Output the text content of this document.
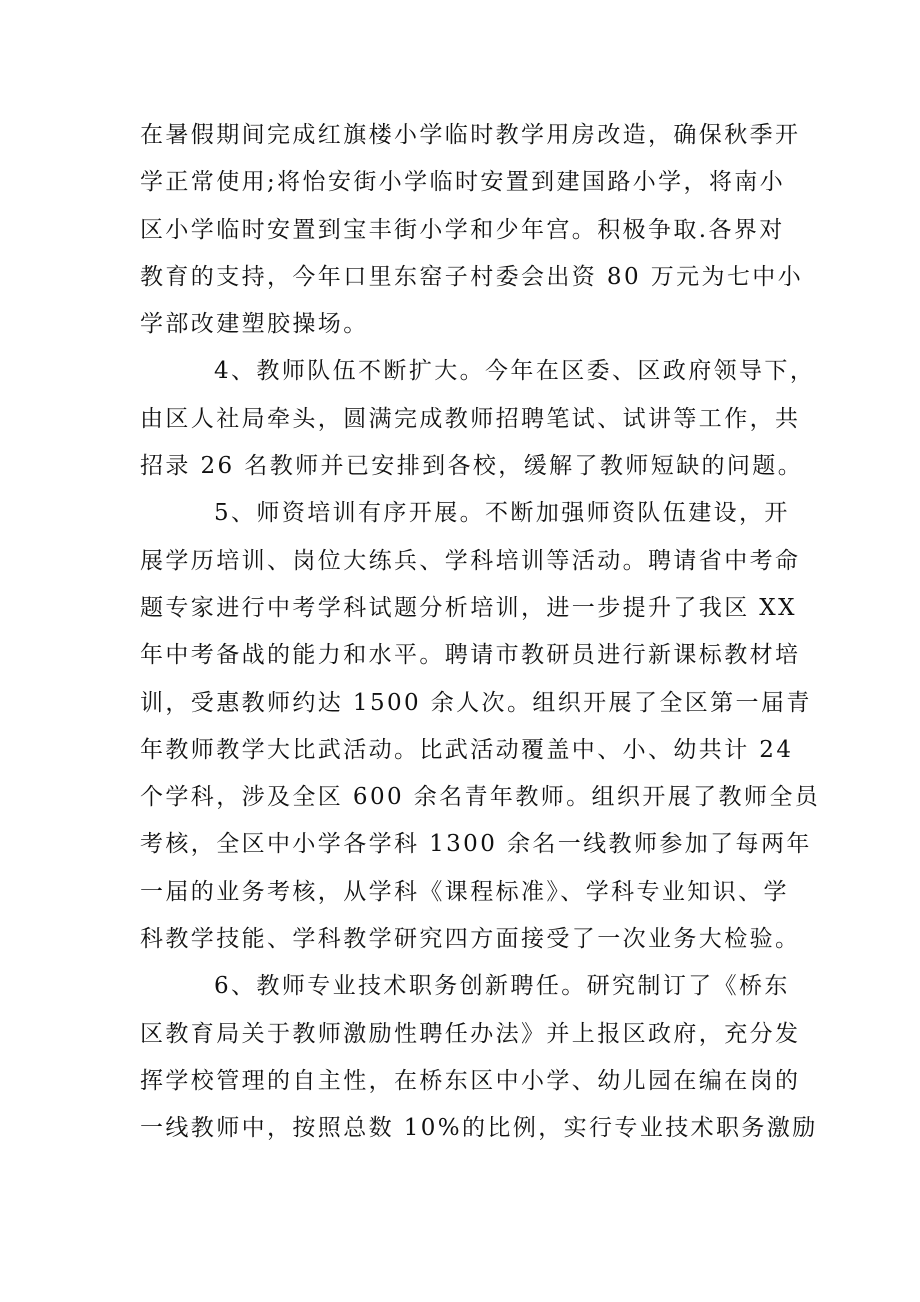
在暑假期间完成红旗楼小学临时教学用房改造，确保秋季开
学正常使用;将怡安街小学临时安置到建国路小学，将南小
区小学临时安置到宝丰街小学和少年宫。积极争取.各界对
教育的支持，今年口里东窑子村委会出资 80 万元为七中小
学部改建塑胶操场。
4、教师队伍不断扩大。今年在区委、区政府领导下，
由区人社局牵头，圆满完成教师招聘笔试、试讲等工作，共
招录 26 名教师并已安排到各校，缓解了教师短缺的问题。
5、师资培训有序开展。不断加强师资队伍建设，开
展学历培训、岗位大练兵、学科培训等活动。聘请省中考命
题专家进行中考学科试题分析培训，进一步提升了我区 XX
年中考备战的能力和水平。聘请市教研员进行新课标教材培
训，受惠教师约达 1500 余人次。组织开展了全区第一届青
年教师教学大比武活动。比武活动覆盖中、小、幼共计 24
个学科，涉及全区 600 余名青年教师。组织开展了教师全员
考核，全区中小学各学科 1300 余名一线教师参加了每两年
一届的业务考核，从学科《课程标准》、学科专业知识、学
科教学技能、学科教学研究四方面接受了一次业务大检验。
6、教师专业技术职务创新聘任。研究制订了《桥东
区教育局关于教师激励性聘任办法》并上报区政府，充分发
挥学校管理的自主性，在桥东区中小学、幼儿园在编在岗的
一线教师中，按照总数 10%的比例，实行专业技术职务激励
